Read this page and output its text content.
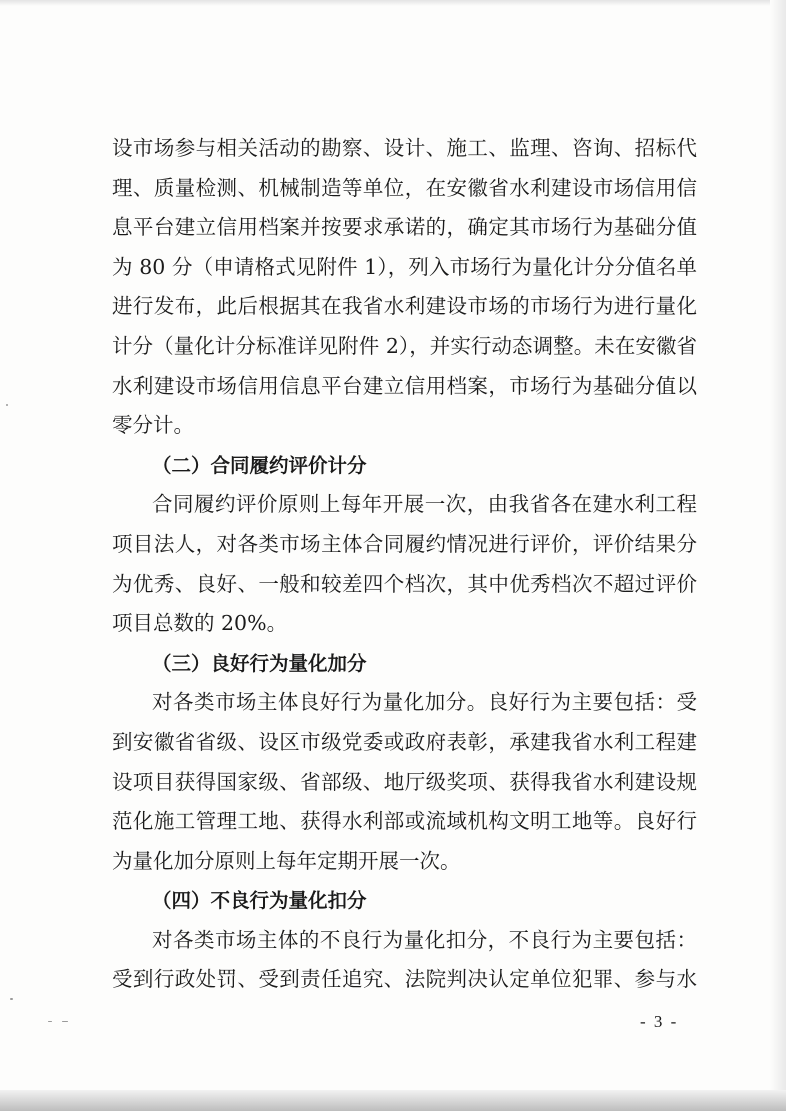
设市场参与相关活动的勘察、设计、施工、监理、咨询、招标代

理、质量检测、机械制造等单位，在安徽省水利建设市场信用信

息平台建立信用档案并按要求承诺的，确定其市场行为基础分值

为 80 分（申请格式见附件 1），列入市场行为量化计分分值名单

进行发布，此后根据其在我省水利建设市场的市场行为进行量化

计分（量化计分标准详见附件 2），并实行动态调整。未在安徽省

水利建设市场信用信息平台建立信用档案，市场行为基础分值以

零分计。

（二）合同履约评价计分

合同履约评价原则上每年开展一次，由我省各在建水利工程

项目法人，对各类市场主体合同履约情况进行评价，评价结果分

为优秀、良好、一般和较差四个档次，其中优秀档次不超过评价

项目总数的 20%。

（三）良好行为量化加分

对各类市场主体良好行为量化加分。良好行为主要包括：受

到安徽省省级、设区市级党委或政府表彰，承建我省水利工程建

设项目获得国家级、省部级、地厅级奖项、获得我省水利建设规

范化施工管理工地、获得水利部或流域机构文明工地等。良好行

为量化加分原则上每年定期开展一次。

（四）不良行为量化扣分

对各类市场主体的不良行为量化扣分，不良行为主要包括：

受到行政处罚、受到责任追究、法院判决认定单位犯罪、参与水

- 3 -
